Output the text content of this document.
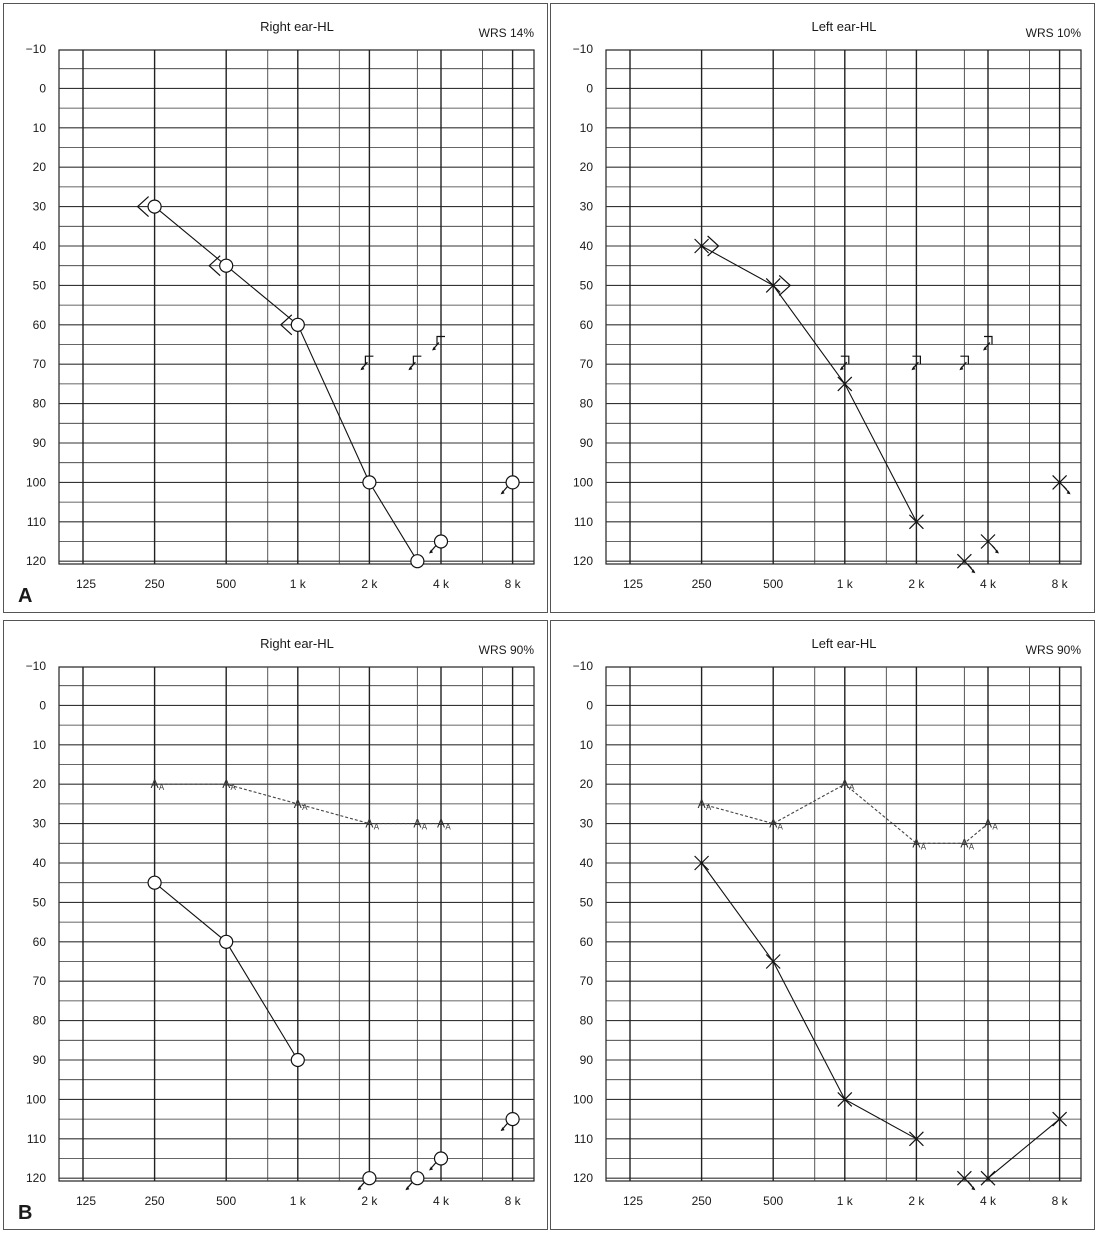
−10
0
10
20
30
40
50
60
70
80
90
100
110
120
125	250	500	1 k	2 k	4 k	8 k
Right ear-HL	WRS 14%
A
−10
0
10
20
30
40
50
60
70
80
90
100
110
120
125	250	500	1 k	2 k	4 k	8 k
Left ear-HL	WRS 10%
−10
0
10
20
30
40
50
60
70
80
90
100
110
120
125	250	500	1 k	2 k	4 k	8 k
Right ear-HL	WRS 90%
A A	A A
A A
A A	A A A A
B
−10
0
10
20
30
40
50
60
70
80
90
100
110
120
125	250	500	1 k	2 k	4 k	8 k
Left ear-HL	WRS 90%
A A
A A
A A
A A	A A
A A
